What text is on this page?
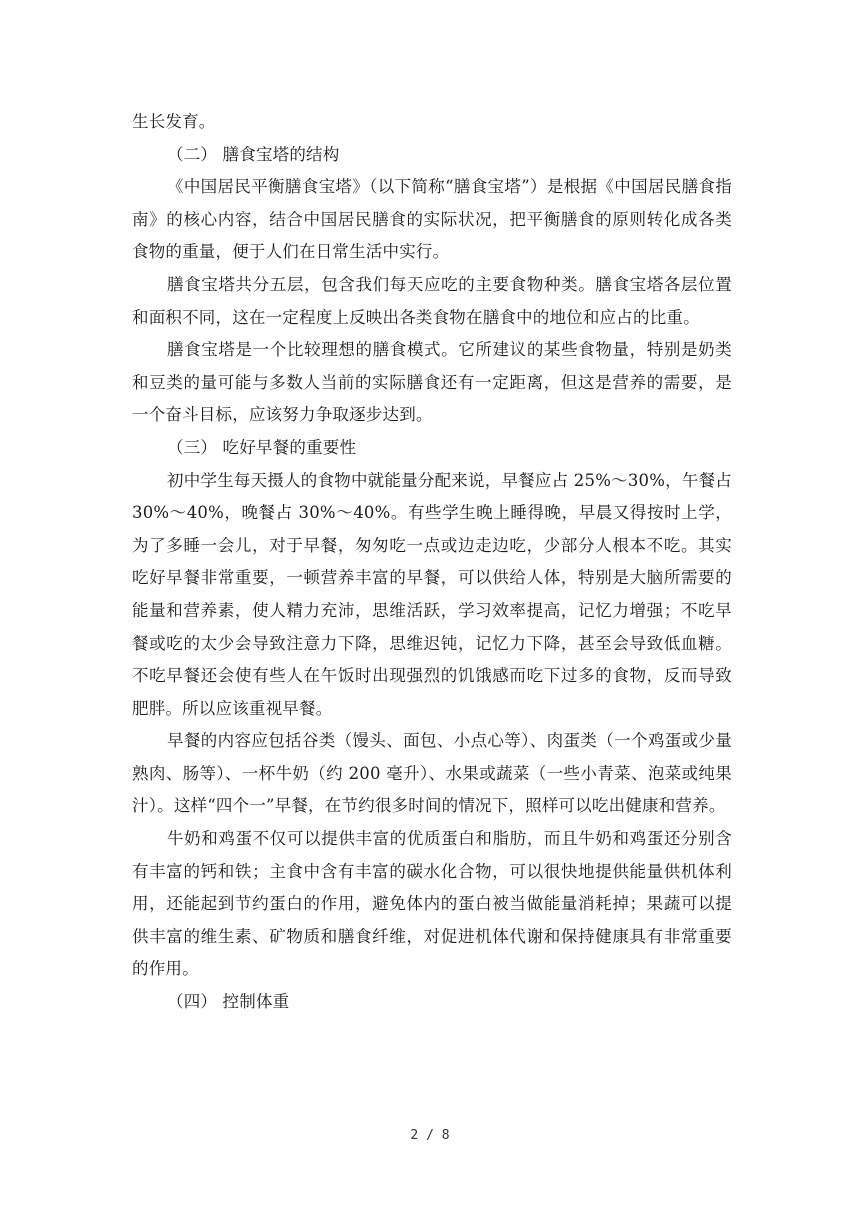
生长发育。

（二） 膳食宝塔的结构

《中国居民平衡膳食宝塔》（以下简称“膳食宝塔”）是根据《中国居民膳食指南》的核心内容，结合中国居民膳食的实际状况，把平衡膳食的原则转化成各类食物的重量，便于人们在日常生活中实行。

膳食宝塔共分五层，包含我们每天应吃的主要食物种类。膳食宝塔各层位置和面积不同，这在一定程度上反映出各类食物在膳食中的地位和应占的比重。

膳食宝塔是一个比较理想的膳食模式。它所建议的某些食物量，特别是奶类和豆类的量可能与多数人当前的实际膳食还有一定距离，但这是营养的需要，是一个奋斗目标，应该努力争取逐步达到。

（三） 吃好早餐的重要性

初中学生每天摄人的食物中就能量分配来说，早餐应占 25%～30%，午餐占 30%～40%，晚餐占 30%～40%。有些学生晚上睡得晚，早晨又得按时上学，为了多睡一会儿，对于早餐，匆匆吃一点或边走边吃，少部分人根本不吃。其实吃好早餐非常重要，一顿营养丰富的早餐，可以供给人体，特别是大脑所需要的能量和营养素，使人精力充沛，思维活跃，学习效率提高，记忆力增强；不吃早餐或吃的太少会导致注意力下降，思维迟钝，记忆力下降，甚至会导致低血糖。不吃早餐还会使有些人在午饭时出现强烈的饥饿感而吃下过多的食物，反而导致肥胖。所以应该重视早餐。

早餐的内容应包括谷类（馒头、面包、小点心等）、肉蛋类（一个鸡蛋或少量熟肉、肠等）、一杯牛奶（约 200 毫升）、水果或蔬菜（一些小青菜、泡菜或纯果汁）。这样“四个一”早餐，在节约很多时间的情况下，照样可以吃出健康和营养。

牛奶和鸡蛋不仅可以提供丰富的优质蛋白和脂肪，而且牛奶和鸡蛋还分别含有丰富的钙和铁；主食中含有丰富的碳水化合物，可以很快地提供能量供机体利用，还能起到节约蛋白的作用，避免体内的蛋白被当做能量消耗掉；果蔬可以提供丰富的维生素、矿物质和膳食纤维，对促进机体代谢和保持健康具有非常重要的作用。

（四） 控制体重

2 / 8
